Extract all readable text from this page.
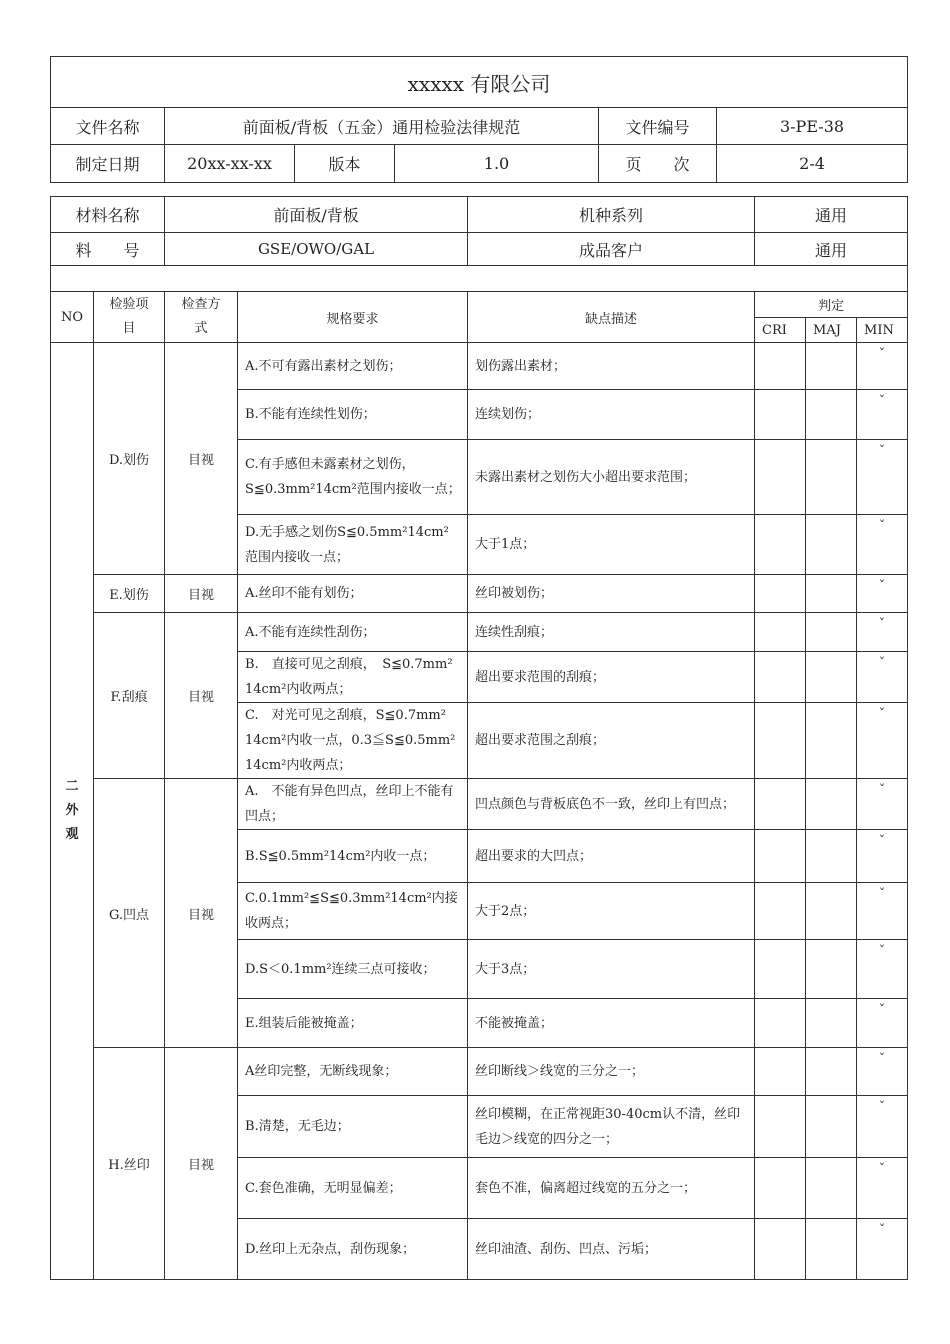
xxxxx 有限公司					
文件名称	前面板/背板（五金）通用检验法律规范			文件编号	3-PE-38
制定日期	20xx-xx-xx	版本	1.0	页　　次	2-4
材料名称		前面板/背板		机种系列	通用		
料　　号		GSE/OWO/GAL		成品客户	通用		

NO	检验项目	检查方式	规格要求	缺点描述	判定		
					CRI	MAJ	MIN
二外观	D.划伤	目视	A.不可有露出素材之划伤；	划伤露出素材；			ˇ
			B.不能有连续性划伤；	连续划伤；			ˇ
			C.有手感但未露素材之划伤，S≦0.3mm²14cm²范围内接收一点；	未露出素材之划伤大小超出要求范围；			ˇ
			D.无手感之划伤S≦0.5mm²14cm²范围内接收一点；	大于1点；			ˇ
	E.划伤	目视	A.丝印不能有划伤；	丝印被划伤；			ˇ
	F.刮痕	目视	A.不能有连续性刮伤；	连续性刮痕；			ˇ
			B.　直接可见之刮痕，　S≦0.7mm² 14cm²内收两点；	超出要求范围的刮痕；			ˇ
			C.　对光可见之刮痕，S≦0.7mm² 14cm²内收一点，0.3≦S≦0.5mm² 14cm²内收两点；	超出要求范围之刮痕；			ˇ
	G.凹点	目视	A.　不能有异色凹点，丝印上不能有凹点；	凹点颜色与背板底色不一致，丝印上有凹点；			ˇ
			B.S≦0.5mm²14cm²内收一点；	超出要求的大凹点；			ˇ
			C.0.1mm²≦S≦0.3mm²14cm²内接收两点；	大于2点；			ˇ
			D.S＜0.1mm²连续三点可接收；	大于3点；			ˇ
			E.组装后能被掩盖；	不能被掩盖；			ˇ
	H.丝印	目视	A丝印完整，无断线现象；	丝印断线＞线宽的三分之一；			ˇ
			B.清楚，无毛边；	丝印模糊，在正常视距30-40cm认不清，丝印毛边＞线宽的四分之一；			ˇ
			C.套色准确，无明显偏差；	套色不准，偏离超过线宽的五分之一；			ˇ
			D.丝印上无杂点，刮伤现象；	丝印油渣、刮伤、凹点、污垢；			ˇ
